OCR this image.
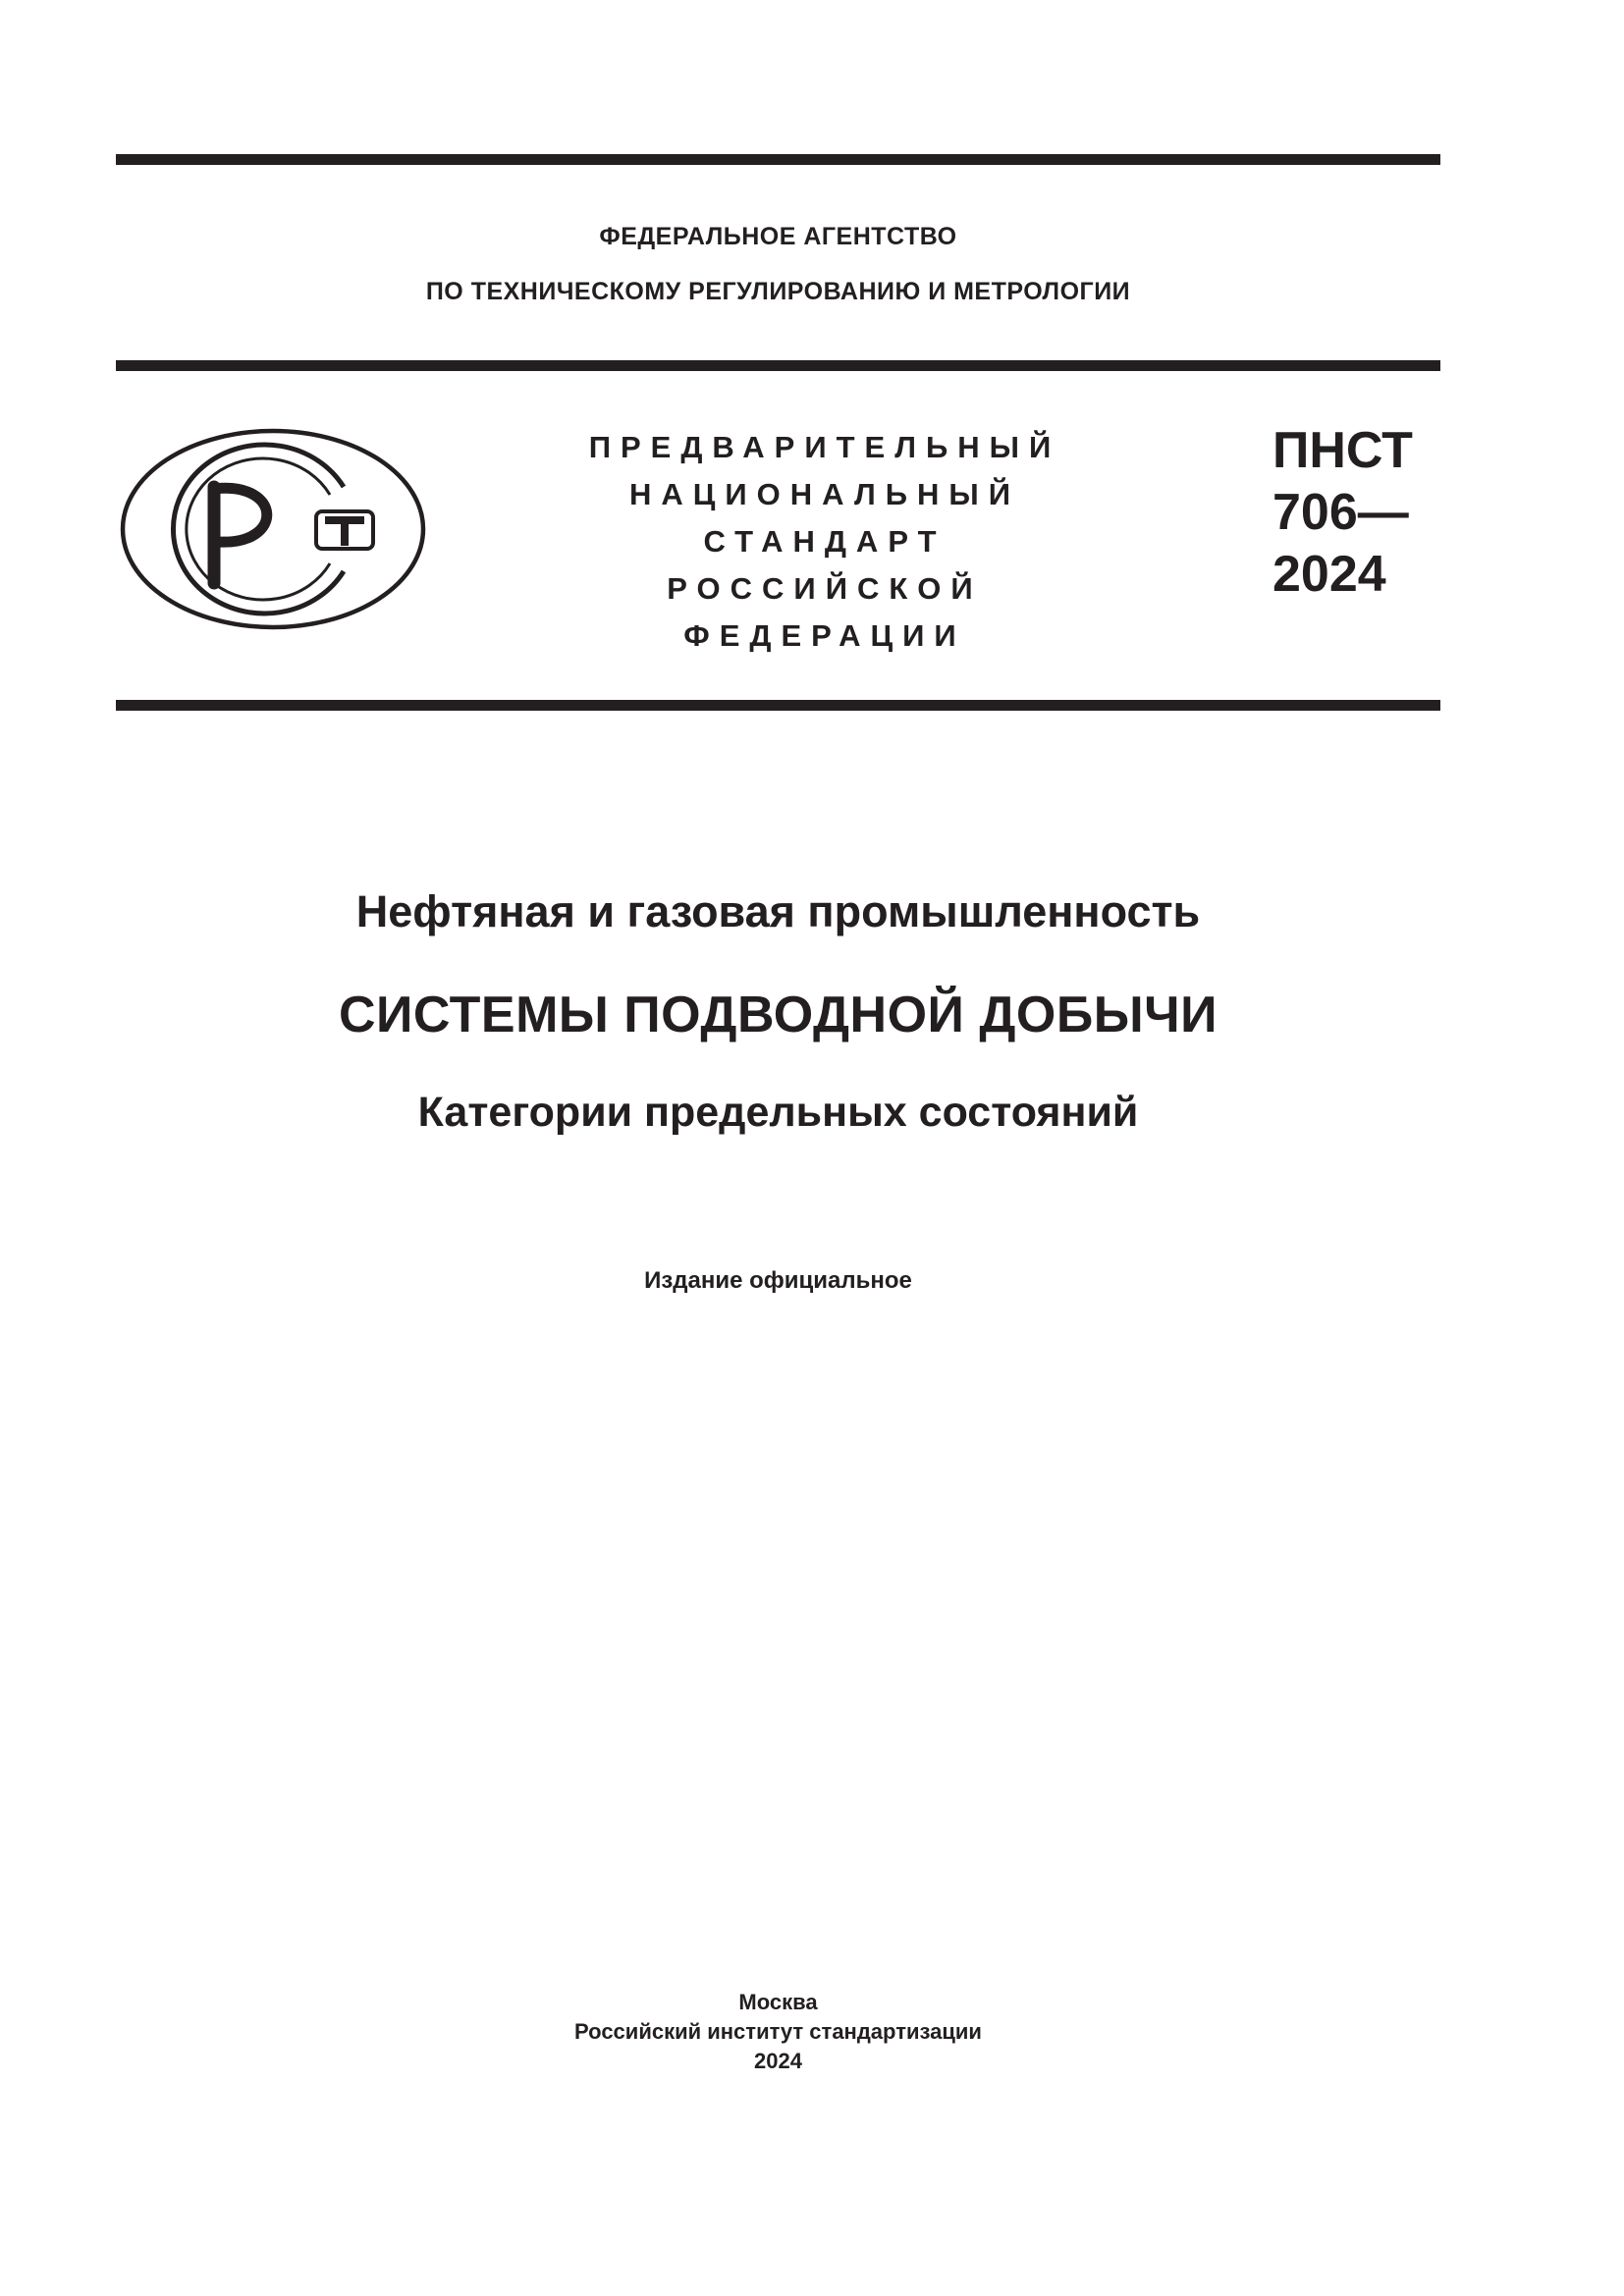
ФЕДЕРАЛЬНОЕ АГЕНТСТВО
ПО ТЕХНИЧЕСКОМУ РЕГУЛИРОВАНИЮ И МЕТРОЛОГИИ
ПРЕДВАРИТЕЛЬНЫЙ
НАЦИОНАЛЬНЫЙ
СТАНДАРТ
РОССИЙСКОЙ
ФЕДЕРАЦИИ
ПНСТ
706—
2024
Нефтяная и газовая промышленность
СИСТЕМЫ ПОДВОДНОЙ ДОБЫЧИ
Категории предельных состояний
Издание официальное
Москва
Российский институт стандартизации
2024
